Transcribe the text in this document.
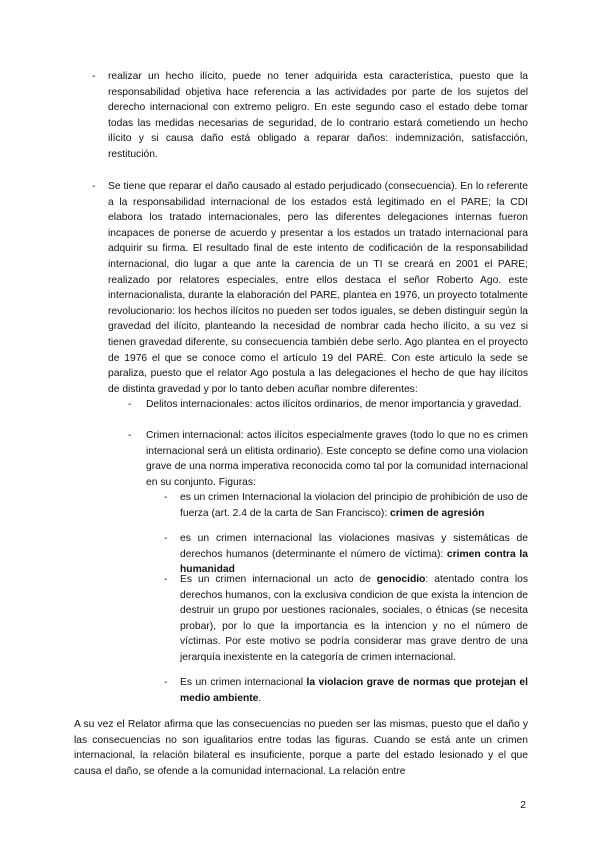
- realizar un hecho ilícito, puede no tener adquirida esta característica, puesto que la responsabilidad objetiva hace referencia a las actividades por parte de los sujetos del derecho internacional con extremo peligro. En este segundo caso el estado debe tomar todas las medidas necesarias de seguridad, de lo contrario estará cometiendo un hecho ilícito y si causa daño está obligado a reparar daños: indemnización, satisfacción, restitución.

- Se tiene que reparar el daño causado al estado perjudicado (consecuencia). En lo referente a la responsabilidad internacional de los estados está legitimado en el PARE; la CDI elabora los tratado internacionales, pero las diferentes delegaciones internas fueron incapaces de ponerse de acuerdo y presentar a los estados un tratado internacional para adquirir su firma. El resultado final de este intento de codificación de la responsabilidad internacional, dio lugar a que ante la carencia de un TI se creará en 2001 el PARE; realizado por relatores especiales, entre ellos destaca el señor Roberto Ago. este internacionalista, durante la elaboración del PARE, plantea en 1976, un proyecto totalmente revolucionario: los hechos ilícitos no pueden ser todos iguales, se deben distinguir según la gravedad del ilícito, planteando la necesidad de nombrar cada hecho ilícito, a su vez si tienen gravedad diferente, su consecuencia también debe serlo. Ago plantea en el proyecto de 1976 el que se conoce como el artículo 19 del PARÉ. Con este articulo la sede se paraliza, puesto que el relator Ago postula a las delegaciones el hecho de que hay ilícitos de distinta gravedad y por lo tanto deben acuñar nombre diferentes:

- Delitos internacionales: actos ilícitos ordinarios, de menor importancia y gravedad.

- Crimen internacional: actos ilícitos especialmente graves (todo lo que no es crimen internacional será un elitista ordinario). Este concepto se define como una violacion grave de una norma imperativa reconocida como tal por la comunidad internacional en su conjunto. Figuras:

- es un crimen Internacional la violacion del principio de prohibición de uso de fuerza (art. 2.4 de la carta de San Francisco): crimen de agresión

- es un crimen internacional las violaciones masivas y sistemáticas de derechos humanos (determinante el número de víctima): crimen contra la humanidad

- Es un crimen internacional un acto de genocidio: atentado contra los derechos humanos, con la exclusiva condicion de que exista la intencion de destruir un grupo por uestiones racionales, sociales, o étnicas (se necesita probar), por lo que la importancia es la intencion y no el número de víctimas. Por este motivo se podría considerar mas grave dentro de una jerarquía inexistente en la categoría de crimen internacional.

- Es un crimen internacional la violacion grave de normas que protejan el medio ambiente.

A su vez el Relator afirma que las consecuencias no pueden ser las mismas, puesto que el daño y las consecuencias no son igualitarios entre todas las figuras. Cuando se está ante un crimen internacional, la relación bilateral es insuficiente, porque a parte del estado lesionado y el que causa el daño, se ofende a la comunidad internacional. La relación entre

2
